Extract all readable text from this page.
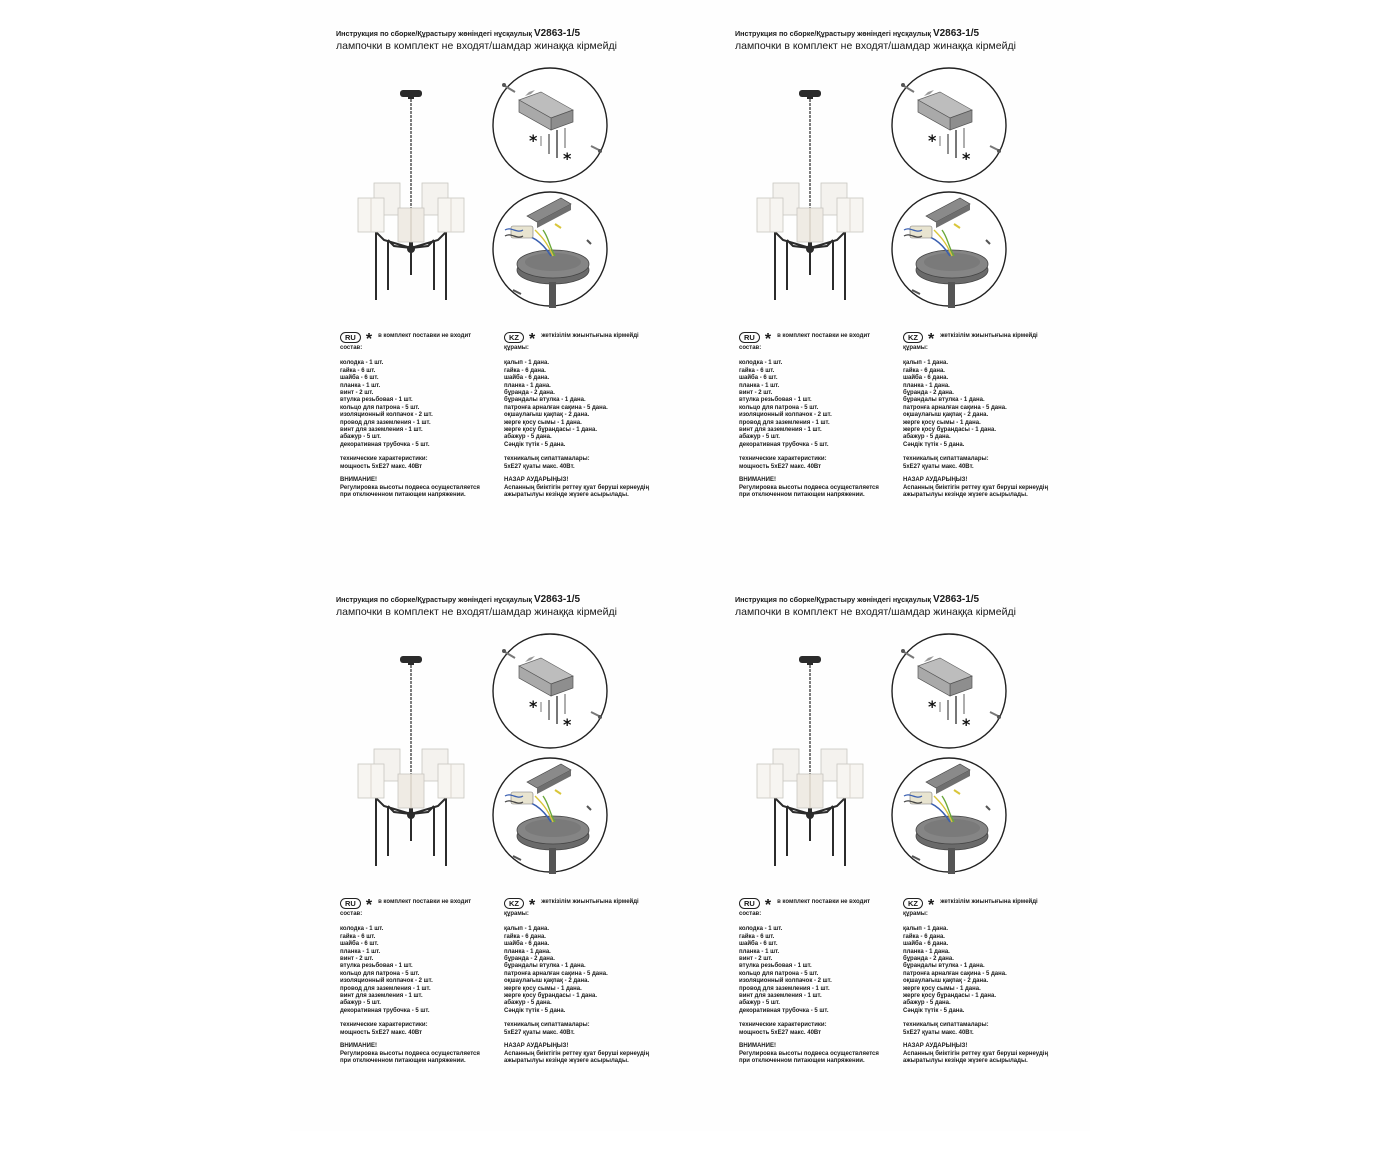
Инструкция по сборке/Құрастыру жөніндегі нұсқаулық V2863-1/5
лампочки в комплект не входят/шамдар жинаққа кірмейді
*
*
RU * в комплект поставки не входит
состав:
колодка - 1 шт.
гайка - 6 шт.
шайба - 6 шт.
планка - 1 шт.
винт - 2 шт.
втулка резьбовая - 1 шт.
кольцо для патрона - 5 шт.
изоляционный колпачок - 2 шт.
провод для заземления - 1 шт.
винт для заземления - 1 шт.
абажур - 5 шт.
декоративная трубочка - 5 шт.
технические характеристики:
мощность 5хЕ27 макс. 40Вт
ВНИМАНИЕ!
Регулировка высоты подвеса осуществляется
при отключенном питающем напряжении.
KZ * жеткізілім жиынтығына кірмейді
құрамы:
қалып - 1 дана.
гайка - 6 дана.
шайба - 6 дана.
планка - 1 дана.
бұранда - 2 дана.
бұрандалы втулка - 1 дана.
патронға арналған сақина - 5 дана.
оқшаулағыш қақпақ - 2 дана.
жерге қосу сымы - 1 дана.
жерге қосу бұрандасы - 1 дана.
абажур - 5 дана.
Сәндік түтік - 5 дана.
техникалық сипаттамалары:
5хЕ27 қуаты макс. 40Вт.
НАЗАР АУДАРЫҢЫЗ!
Аспанның биіктігін реттеу қуат беруші кернеудің
ажыратылуы кезінде жүзеге асырылады.
Инструкция по сборке/Құрастыру жөніндегі нұсқаулық V2863-1/5
лампочки в комплект не входят/шамдар жинаққа кірмейді
*
*
RU * в комплект поставки не входит
состав:
колодка - 1 шт.
гайка - 6 шт.
шайба - 6 шт.
планка - 1 шт.
винт - 2 шт.
втулка резьбовая - 1 шт.
кольцо для патрона - 5 шт.
изоляционный колпачок - 2 шт.
провод для заземления - 1 шт.
винт для заземления - 1 шт.
абажур - 5 шт.
декоративная трубочка - 5 шт.
технические характеристики:
мощность 5хЕ27 макс. 40Вт
ВНИМАНИЕ!
Регулировка высоты подвеса осуществляется
при отключенном питающем напряжении.
KZ * жеткізілім жиынтығына кірмейді
құрамы:
қалып - 1 дана.
гайка - 6 дана.
шайба - 6 дана.
планка - 1 дана.
бұранда - 2 дана.
бұрандалы втулка - 1 дана.
патронға арналған сақина - 5 дана.
оқшаулағыш қақпақ - 2 дана.
жерге қосу сымы - 1 дана.
жерге қосу бұрандасы - 1 дана.
абажур - 5 дана.
Сәндік түтік - 5 дана.
техникалық сипаттамалары:
5хЕ27 қуаты макс. 40Вт.
НАЗАР АУДАРЫҢЫЗ!
Аспанның биіктігін реттеу қуат беруші кернеудің
ажыратылуы кезінде жүзеге асырылады.
Инструкция по сборке/Құрастыру жөніндегі нұсқаулық V2863-1/5
лампочки в комплект не входят/шамдар жинаққа кірмейді
*
*
RU * в комплект поставки не входит
состав:
колодка - 1 шт.
гайка - 6 шт.
шайба - 6 шт.
планка - 1 шт.
винт - 2 шт.
втулка резьбовая - 1 шт.
кольцо для патрона - 5 шт.
изоляционный колпачок - 2 шт.
провод для заземления - 1 шт.
винт для заземления - 1 шт.
абажур - 5 шт.
декоративная трубочка - 5 шт.
технические характеристики:
мощность 5хЕ27 макс. 40Вт
ВНИМАНИЕ!
Регулировка высоты подвеса осуществляется
при отключенном питающем напряжении.
KZ * жеткізілім жиынтығына кірмейді
құрамы:
қалып - 1 дана.
гайка - 6 дана.
шайба - 6 дана.
планка - 1 дана.
бұранда - 2 дана.
бұрандалы втулка - 1 дана.
патронға арналған сақина - 5 дана.
оқшаулағыш қақпақ - 2 дана.
жерге қосу сымы - 1 дана.
жерге қосу бұрандасы - 1 дана.
абажур - 5 дана.
Сәндік түтік - 5 дана.
техникалық сипаттамалары:
5хЕ27 қуаты макс. 40Вт.
НАЗАР АУДАРЫҢЫЗ!
Аспанның биіктігін реттеу қуат беруші кернеудің
ажыратылуы кезінде жүзеге асырылады.
Инструкция по сборке/Құрастыру жөніндегі нұсқаулық V2863-1/5
лампочки в комплект не входят/шамдар жинаққа кірмейді
*
*
RU * в комплект поставки не входит
состав:
колодка - 1 шт.
гайка - 6 шт.
шайба - 6 шт.
планка - 1 шт.
винт - 2 шт.
втулка резьбовая - 1 шт.
кольцо для патрона - 5 шт.
изоляционный колпачок - 2 шт.
провод для заземления - 1 шт.
винт для заземления - 1 шт.
абажур - 5 шт.
декоративная трубочка - 5 шт.
технические характеристики:
мощность 5хЕ27 макс. 40Вт
ВНИМАНИЕ!
Регулировка высоты подвеса осуществляется
при отключенном питающем напряжении.
KZ * жеткізілім жиынтығына кірмейді
құрамы:
қалып - 1 дана.
гайка - 6 дана.
шайба - 6 дана.
планка - 1 дана.
бұранда - 2 дана.
бұрандалы втулка - 1 дана.
патронға арналған сақина - 5 дана.
оқшаулағыш қақпақ - 2 дана.
жерге қосу сымы - 1 дана.
жерге қосу бұрандасы - 1 дана.
абажур - 5 дана.
Сәндік түтік - 5 дана.
техникалық сипаттамалары:
5хЕ27 қуаты макс. 40Вт.
НАЗАР АУДАРЫҢЫЗ!
Аспанның биіктігін реттеу қуат беруші кернеудің
ажыратылуы кезінде жүзеге асырылады.
